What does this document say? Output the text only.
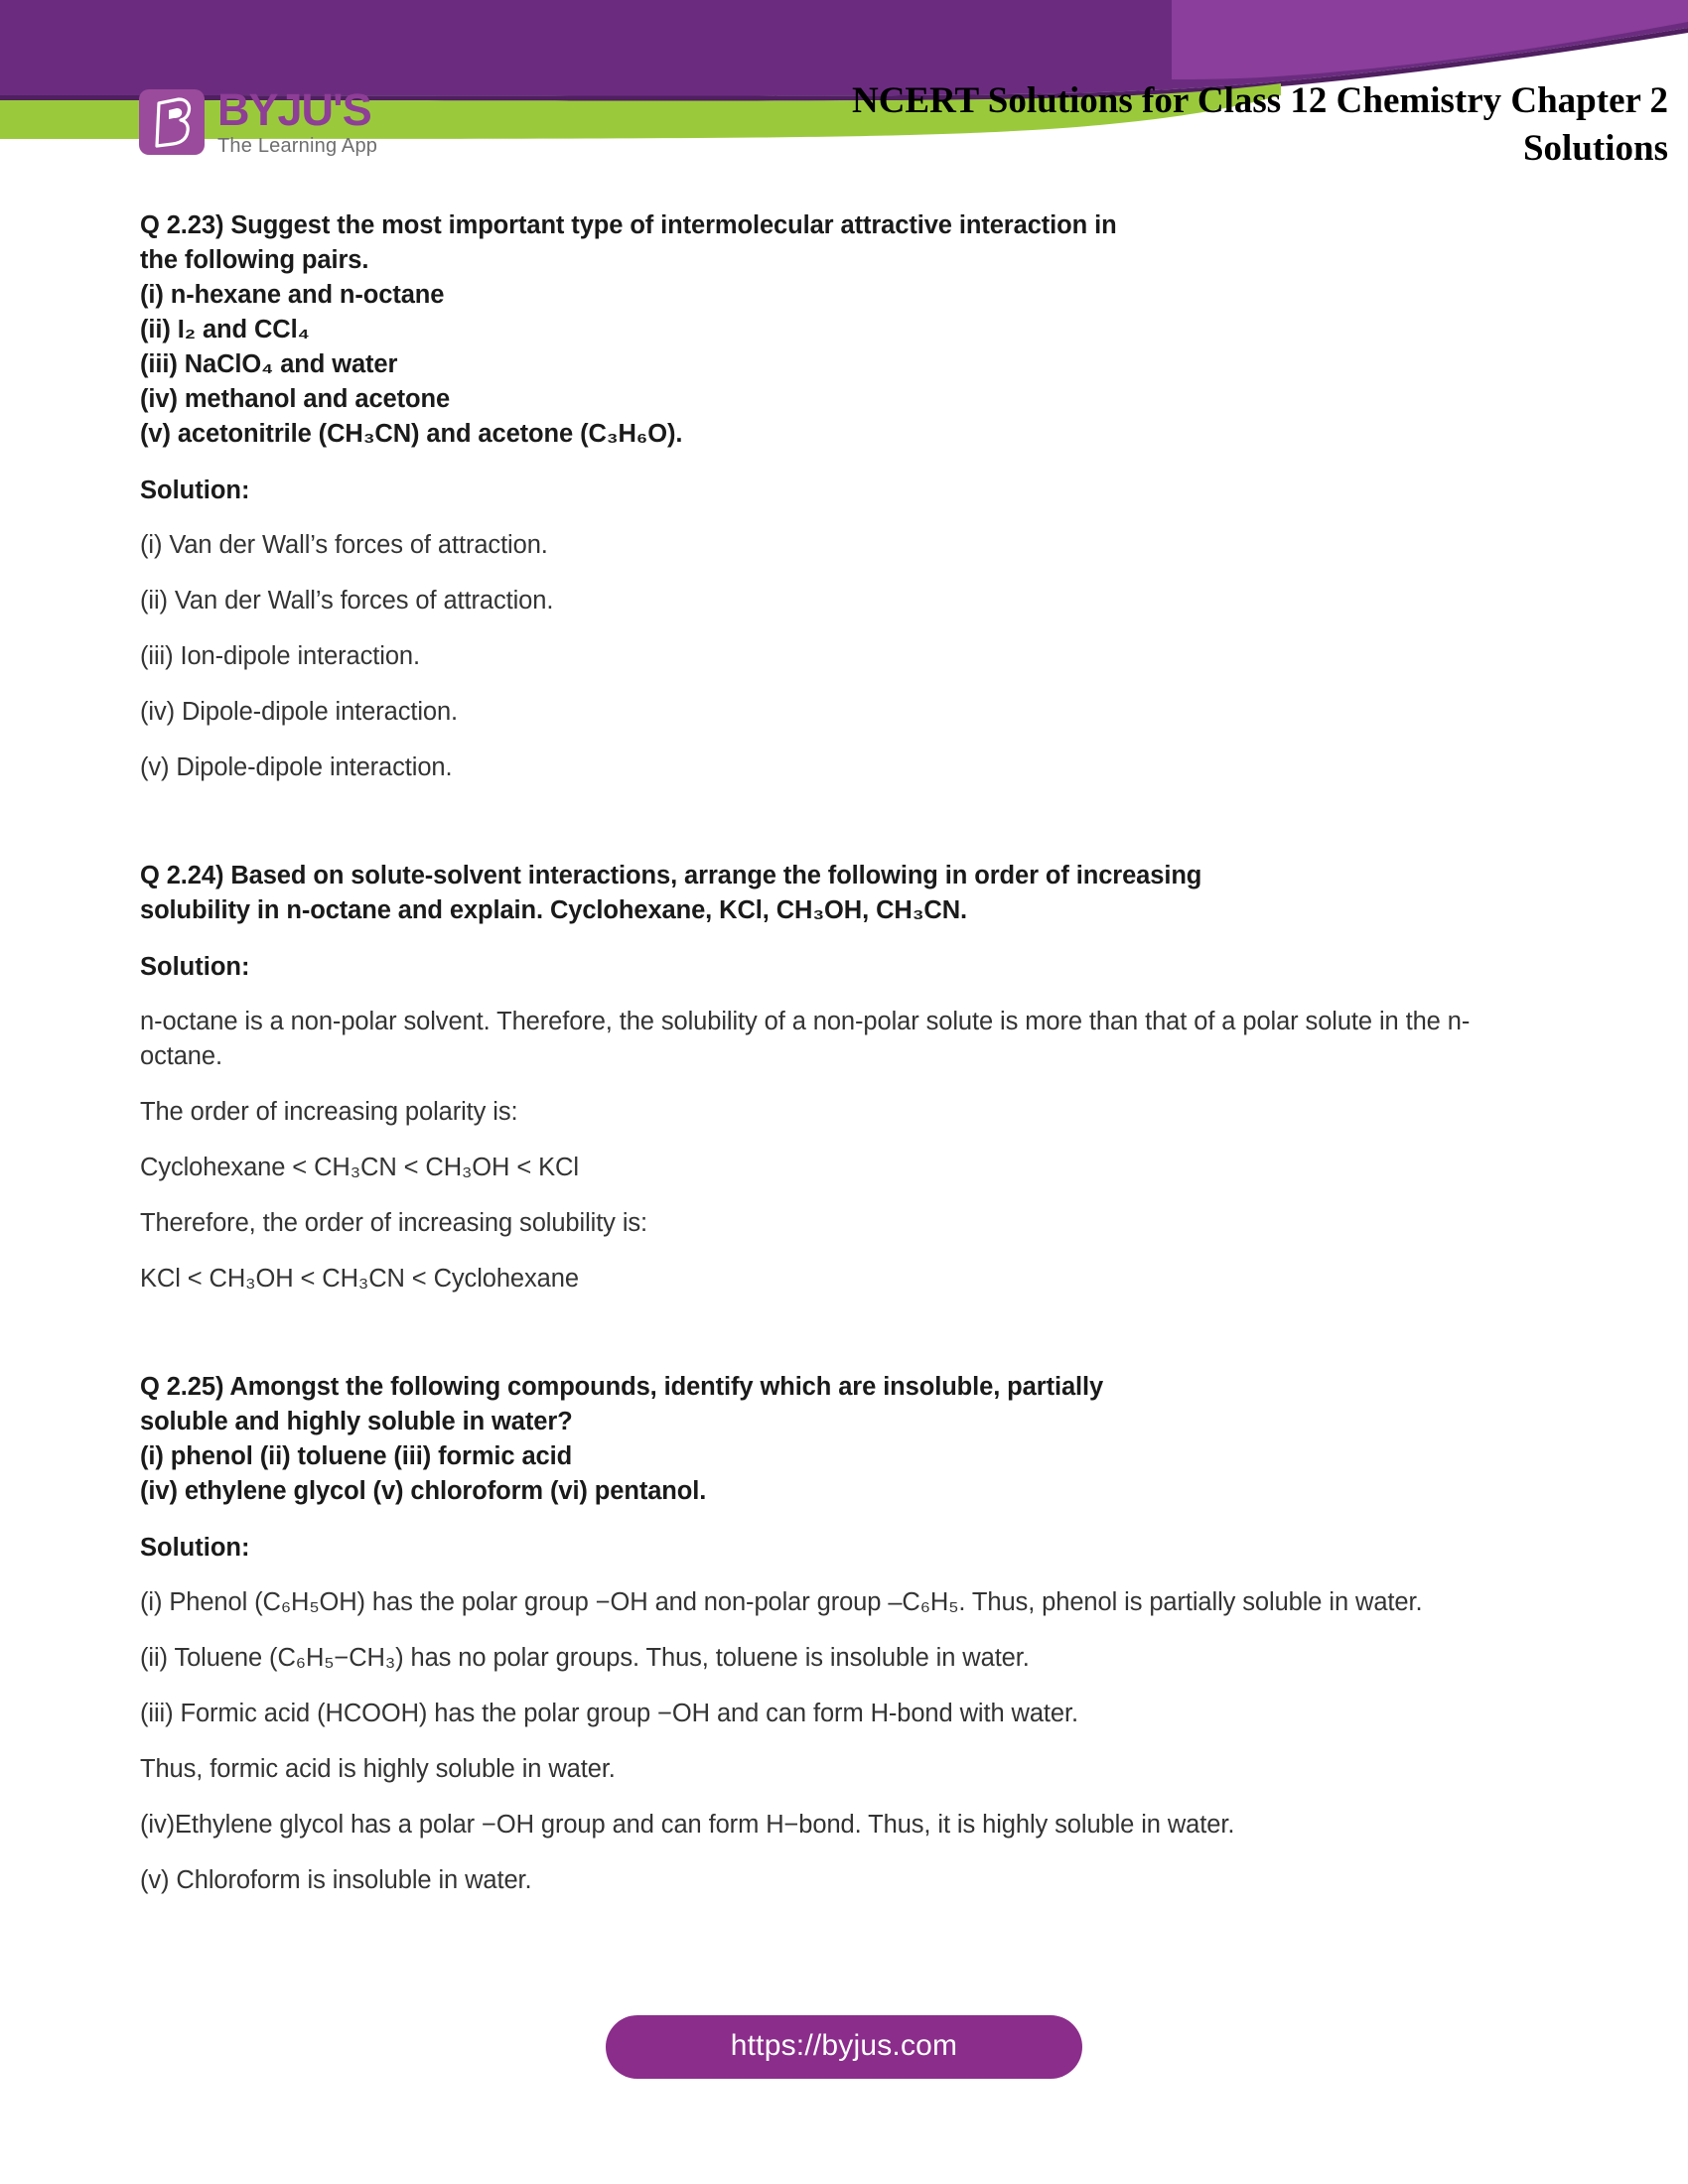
BYJU'S
The Learning App
NCERT Solutions for Class 12 Chemistry Chapter 2
Solutions
Q 2.23) Suggest the most important type of intermolecular attractive interaction in
the following pairs.
(i) n-hexane and n-octane
(ii) I₂ and CCl₄
(iii) NaClO₄ and water
(iv) methanol and acetone
(v) acetonitrile (CH₃CN) and acetone (C₃H₆O).
Solution:
(i) Van der Wall’s forces of attraction.
(ii) Van der Wall’s forces of attraction.
(iii) Ion-dipole interaction.
(iv) Dipole-dipole interaction.
(v) Dipole-dipole interaction.
Q 2.24) Based on solute-solvent interactions, arrange the following in order of increasing
solubility in n-octane and explain. Cyclohexane, KCl, CH₃OH, CH₃CN.
Solution:
n-octane is a non-polar solvent. Therefore, the solubility of a non-polar solute is more than that of a polar solute in the n-octane.
The order of increasing polarity is:
Cyclohexane < CH₃CN < CH₃OH < KCl
Therefore, the order of increasing solubility is:
KCl < CH₃OH < CH₃CN < Cyclohexane
Q 2.25) Amongst the following compounds, identify which are insoluble, partially
soluble and highly soluble in water?
(i) phenol (ii) toluene (iii) formic acid
(iv) ethylene glycol (v) chloroform (vi) pentanol.
Solution:
(i) Phenol (C₆H₅OH) has the polar group −OH and non-polar group –C₆H₅. Thus, phenol is partially soluble in water.
(ii) Toluene (C₆H₅−CH₃) has no polar groups. Thus, toluene is insoluble in water.
(iii) Formic acid (HCOOH) has the polar group −OH and can form H-bond with water.
Thus, formic acid is highly soluble in water.
(iv)Ethylene glycol has a polar −OH group and can form H−bond. Thus, it is highly soluble in water.
(v) Chloroform is insoluble in water.
https://byjus.com
